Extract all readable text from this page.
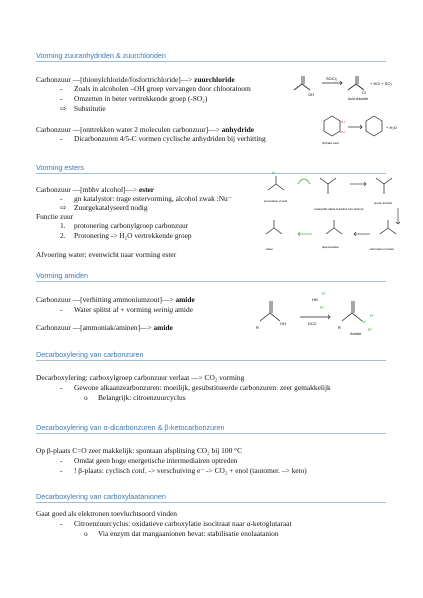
Vorming zuuranhydriden & zuurchloriden
Carbonzuur —[thionylchloride/fosfortrichloride]—> zuurchloride
- Zoals in alcoholen –OH groep vervangen door chlooratoom
- Omzetten in beter vertrekkende groep (-SO₂)
⇨ Substitutie
Carbonzuur —[onttrekken water 2 moleculen carbonzuur]—> anhydride
- Dicarbonzuren 4/5-C vormen cyclische anhydriden bij verhitting
OH
SOCl₂
Cl
+ HCl + SO₂
Acid chloride
OH
OH
+ H₂O
phthalic acid
Vorming esters
Carbonzuur —[mbhv alcohol]—> ester
- gn katalystor: trage estervorming, alcohol zwak :Nu⁻
⇨ Zuurgekatalyseerd nodig
Functie zuur
1. protonering carbonylgroep carbonzuur
2. Protonering -> H₂O vertrekkende groep
Afvoering water: evenwicht naar vorming ester
H
protonation of acid
nucleophilic attack of alcohol onto carbonyl
proton transfer
water	deprotonation	elimination of water
Vorming amiden
Carbonzuur —[verhitting ammoniumzout]—> amide
- Water splitst af + vorming weinig amide
Carbonzuur —[ammoniak/aminen]—> amide	OH
R
HN
R'
R''
DCC
R
N
R'
R''
Amide
Decarboxylering van carbonzuren
Decarboxylering: carboxylgroep carbonzuur verlaat —> CO₂ vorming
- Gewone alkaanzearbonzuren: moeilijk, gesubstitueerde carbonzuren: zeer gemakkelijk
o Belangrijk: citroenzuurcyclus
Decarboxylering van α-dicarbonzuren & β-ketocarbonzuren
Op β-plaats C=O zeer makkelijk: spontaan afsplitsing CO₂ bij 100 °C
- Omdat geen hoge energetische intermediairen optreden
- ! β-plaats: cyclisch conf. -> verschuiving e⁻ -> CO₂ + enol (tautomer. –> keto)
Decarboxylering van carboxylaatanionen
Gaat goed als elektronen toevluchtsoord vinden
- Citroenzuurcyclus: oxidatieve carboxylatie isocitraat naar α-ketoglutaraat
o Via enzym dat mangaanionen bevat: stabilisatie enolaatanion
